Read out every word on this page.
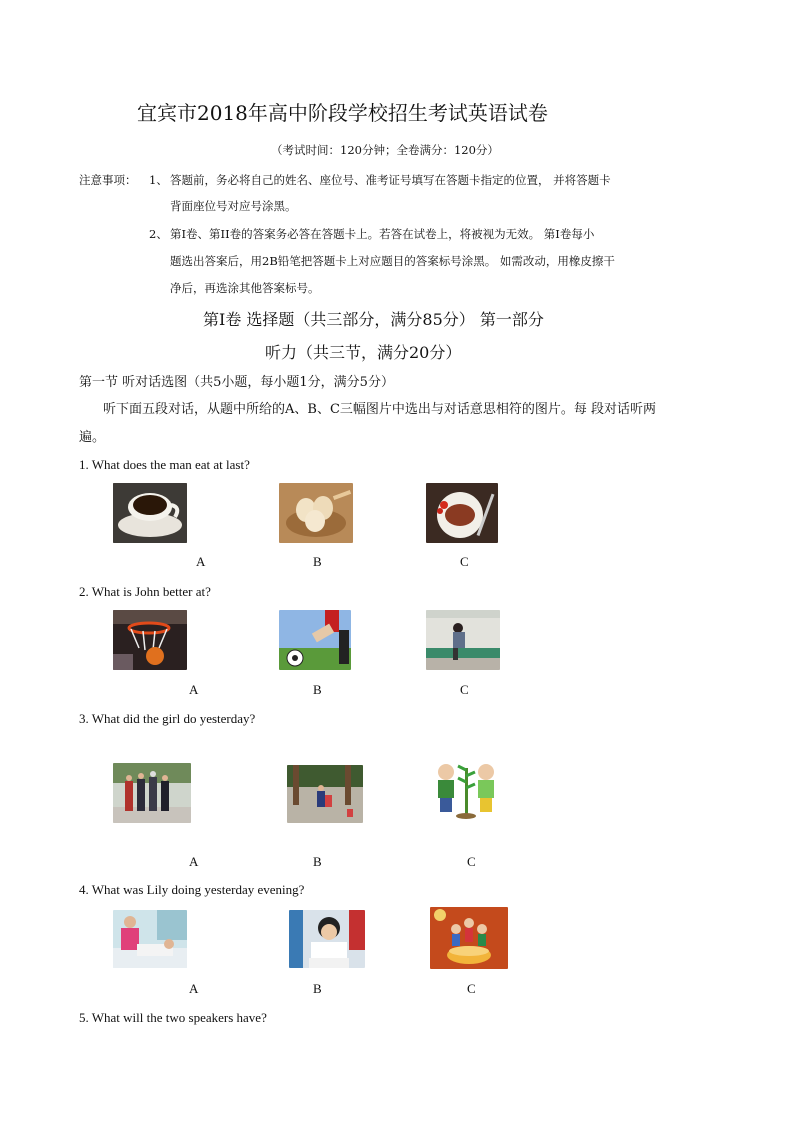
宜宾市2018年高中阶段学校招生考试英语试卷
（考试时间：120分钟；全卷满分：120分）
注意事项： 1、 答题前，务必将自己的姓名、座位号、准考证号填写在答题卡指定的位置， 并将答题卡
背面座位号对应号涂黑。
2、 第I卷、第II卷的答案务必答在答题卡上。若答在试卷上，将被视为无效。 第I卷每小
题选出答案后，用2B铅笔把答题卡上对应题目的答案标号涂黑。 如需改动，用橡皮擦干
净后，再选涂其他答案标号。
第I卷 选择题（共三部分，满分85分） 第一部分
听力（共三节，满分20分）
第一节 听对话选图（共5小题，每小题1分，满分5分）
听下面五段对话，从题中所给的A、B、C三幅图片中选出与对话意思相符的图片。每 段对话听两
遍。
1. What does the man eat at last?
A	B	C
2. What is John better at?
A	B	C
3. What did the girl do yesterday?
A	B	C
4. What was Lily doing yesterday evening?
A	B	C
5. What will the two speakers have?
